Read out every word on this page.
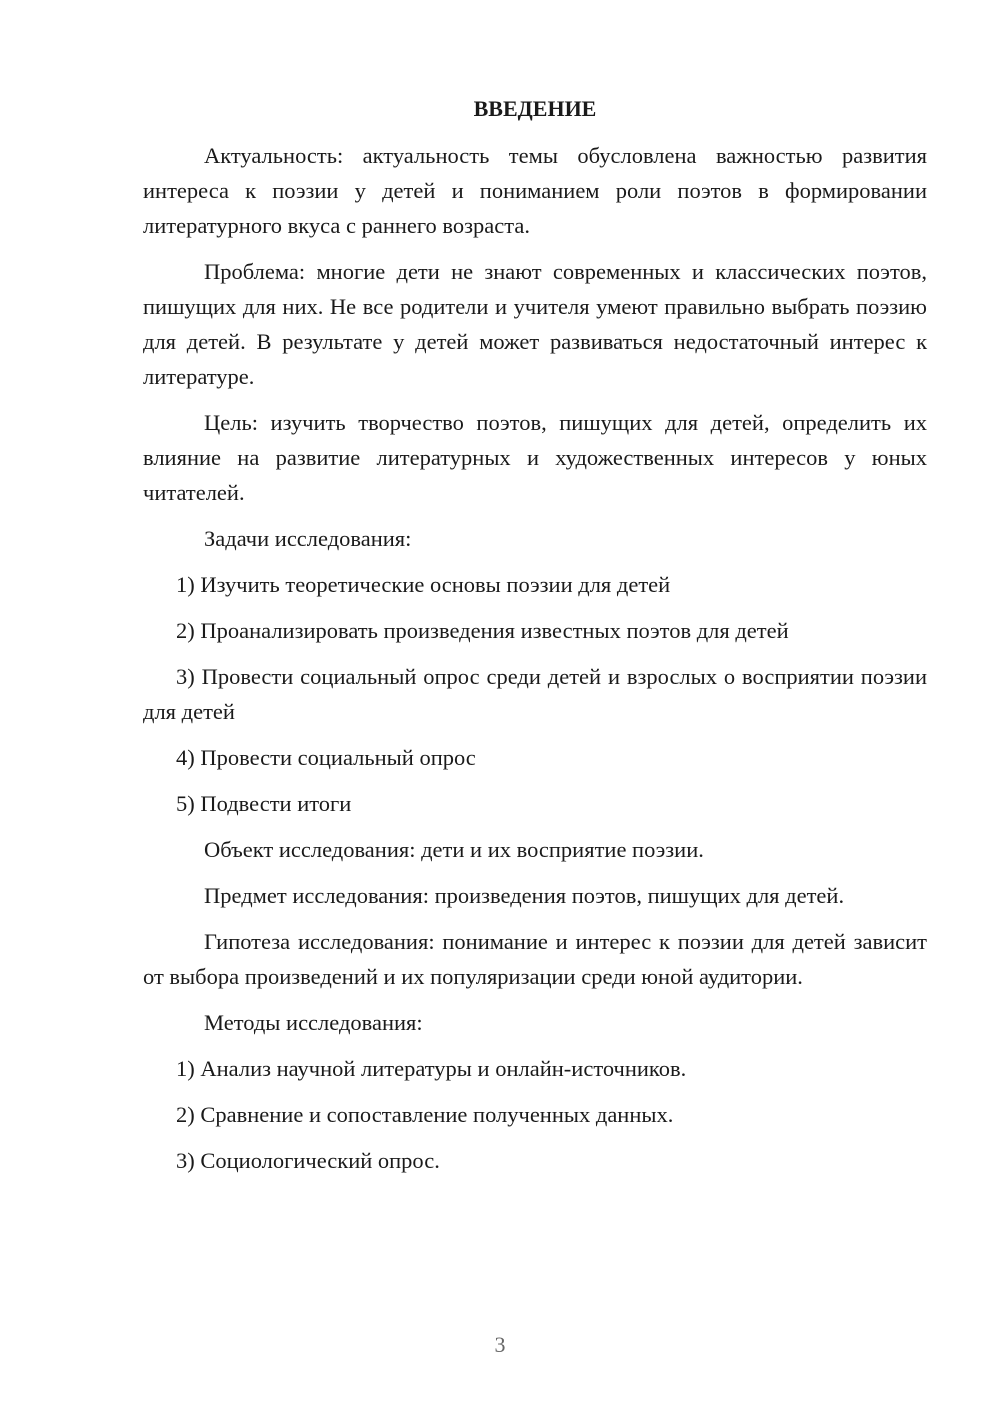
ВВЕДЕНИЕ

Актуальность: актуальность темы обусловлена важностью развития интереса к поэзии у детей и пониманием роли поэтов в формировании литературного вкуса с раннего возраста.

Проблема: многие дети не знают современных и классических поэтов, пишущих для них. Не все родители и учителя умеют правильно выбрать поэзию для детей. В результате у детей может развиваться недостаточный интерес к литературе.

Цель: изучить творчество поэтов, пишущих для детей, определить их влияние на развитие литературных и художественных интересов у юных читателей.

Задачи исследования:

1) Изучить теоретические основы поэзии для детей

2) Проанализировать произведения известных поэтов для детей

3) Провести социальный опрос среди детей и взрослых о восприятии поэзии для детей

4) Провести социальный опрос

5) Подвести итоги

Объект исследования: дети и их восприятие поэзии.

Предмет исследования: произведения поэтов, пишущих для детей.

Гипотеза исследования: понимание и интерес к поэзии для детей зависит от выбора произведений и их популяризации среди юной аудитории.

Методы исследования:

1) Анализ научной литературы и онлайн-источников.

2) Сравнение и сопоставление полученных данных.

3) Социологический опрос.

3
